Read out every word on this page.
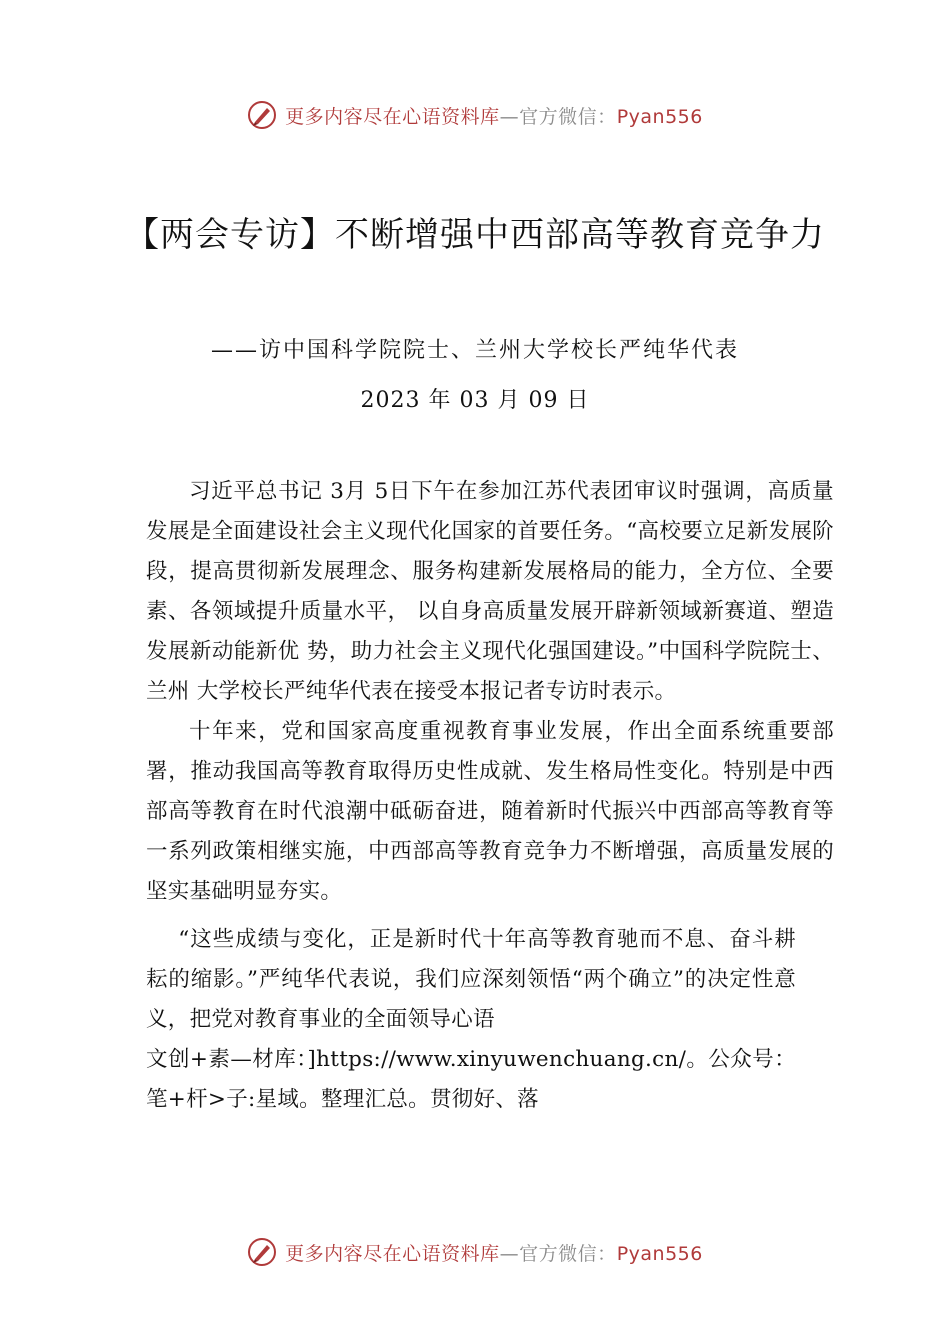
更多内容尽在心语资料库—官方微信：Pyan556
【两会专访】不断增强中西部高等教育竞争力
——访中国科学院院士、兰州大学校长严纯华代表
2023 年 03 月 09 日

习近平总书记 3月 5日下午在参加江苏代表团审议时强调，高质量发展是全面建设社会主义现代化国家的首要任务。“高校要立足新发展阶段，提高贯彻新发展理念、服务构建新发展格局的能力，全方位、全要素、各领域提升质量水平， 以自身高质量发展开辟新领域新赛道、塑造发展新动能新优 势，助力社会主义现代化强国建设。”中国科学院院士、兰州 大学校长严纯华代表在接受本报记者专访时表示。

十年来，党和国家高度重视教育事业发展，作出全面系统重要部署，推动我国高等教育取得历史性成就、发生格局性变化。特别是中西部高等教育在时代浪潮中砥砺奋进，随着新时代振兴中西部高等教育等一系列政策相继实施，中西部高等教育竞争力不断增强，高质量发展的坚实基础明显夯实。

“这些成绩与变化，正是新时代十年高等教育驰而不息、奋斗耕耘的缩影。”严纯华代表说，我们应深刻领悟“两个确立”的决定性意义，把党对教育事业的全面领导心语

文创+素—材库：]https://www.xinyuwenchuang.cn/。公众号：笔+杆>子:星域。整理汇总。贯彻好、落

更多内容尽在心语资料库—官方微信：Pyan556
